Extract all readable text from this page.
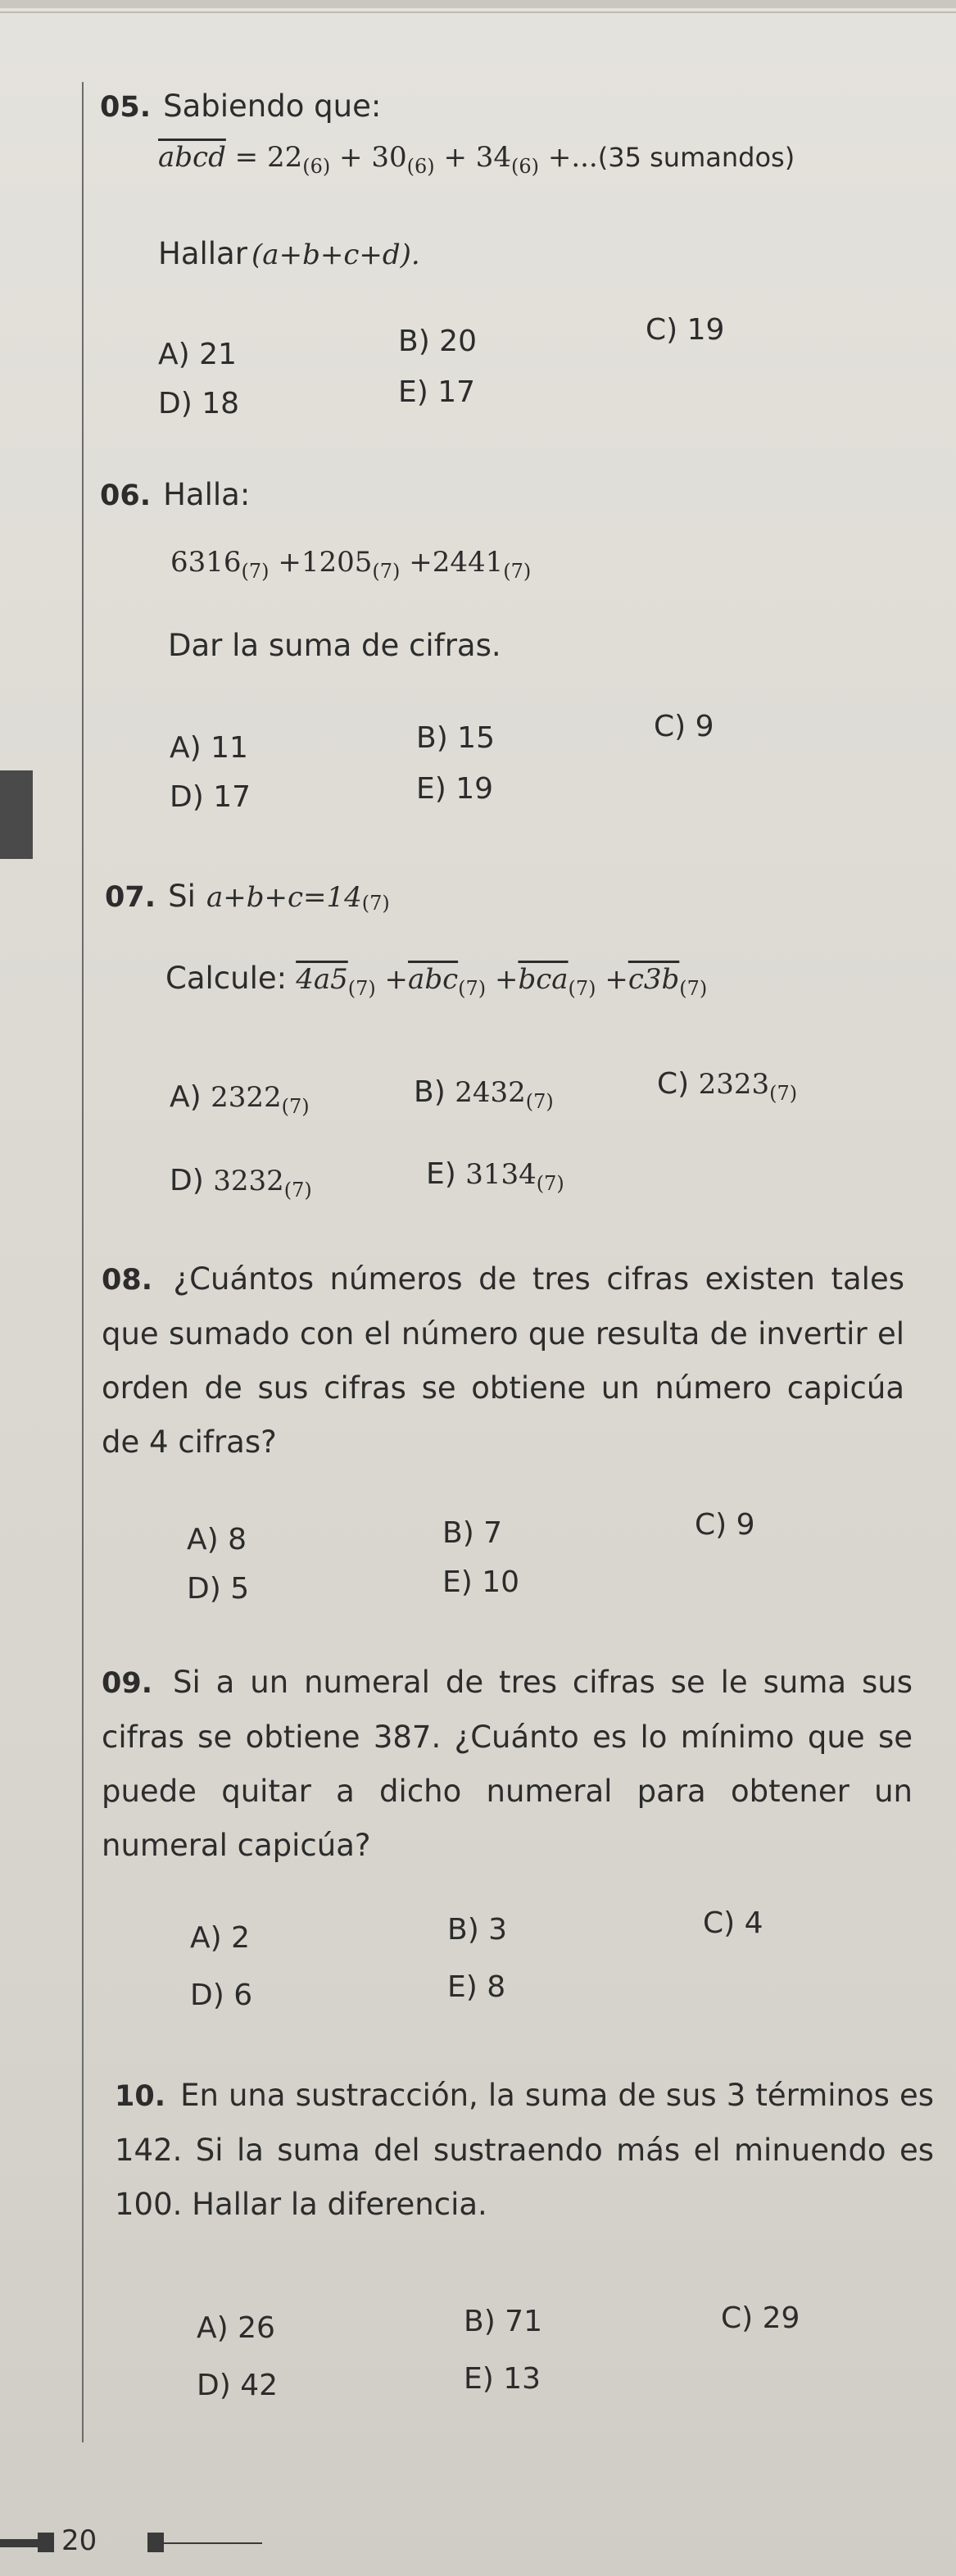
05. Sabiendo que:
abcd = $22_{(6)} + 30_{(6)} + 34_{(6)} +...(35$ sumandos)
Hallar (a+b+c+d).
A) 21	B) 20	C) 19
D) 18	E) 17
06. Halla:
$6316_{(7)} +1205_{(7)} +2441_{(7)}$
Dar la suma de cifras.
A) 11	B) 15	C) 9
D) 17	E) 19
07. Si $a+b+c=14_{(7)}$
Calcule: $4a5_{(7)} +\overline{abc}_{(7)} +\overline{bca}_{(7)} +c3b_{(7)}$
A) $2322_{(7)}$	B) $2432_{(7)}$
C) $2323_{(7)}$
D) $3232_{(7)}$	E) $3134_{(7)}$
08. ¿Cuántos números de tres cifras existen tales que sumado con el número que resulta de invertir el orden de sus cifras se obtiene un número capicúa de 4 cifras?
A) 8	B) 7	C) 9
D) 5	E) 10
09. Si a un numeral de tres cifras se le suma sus cifras se obtiene 387. ¿Cuánto es lo mínimo que se puede quitar a dicho numeral para obtener un numeral capicúa?
A) 2	B) 3	C) 4
D) 6	E) 8
10. En una sustracción, la suma de sus 3 términos es 142. Si la suma del sustraendo más el minuendo es 100. Hallar la diferencia.
A) 26	B) 71	C) 29
D) 42	E) 13
20
